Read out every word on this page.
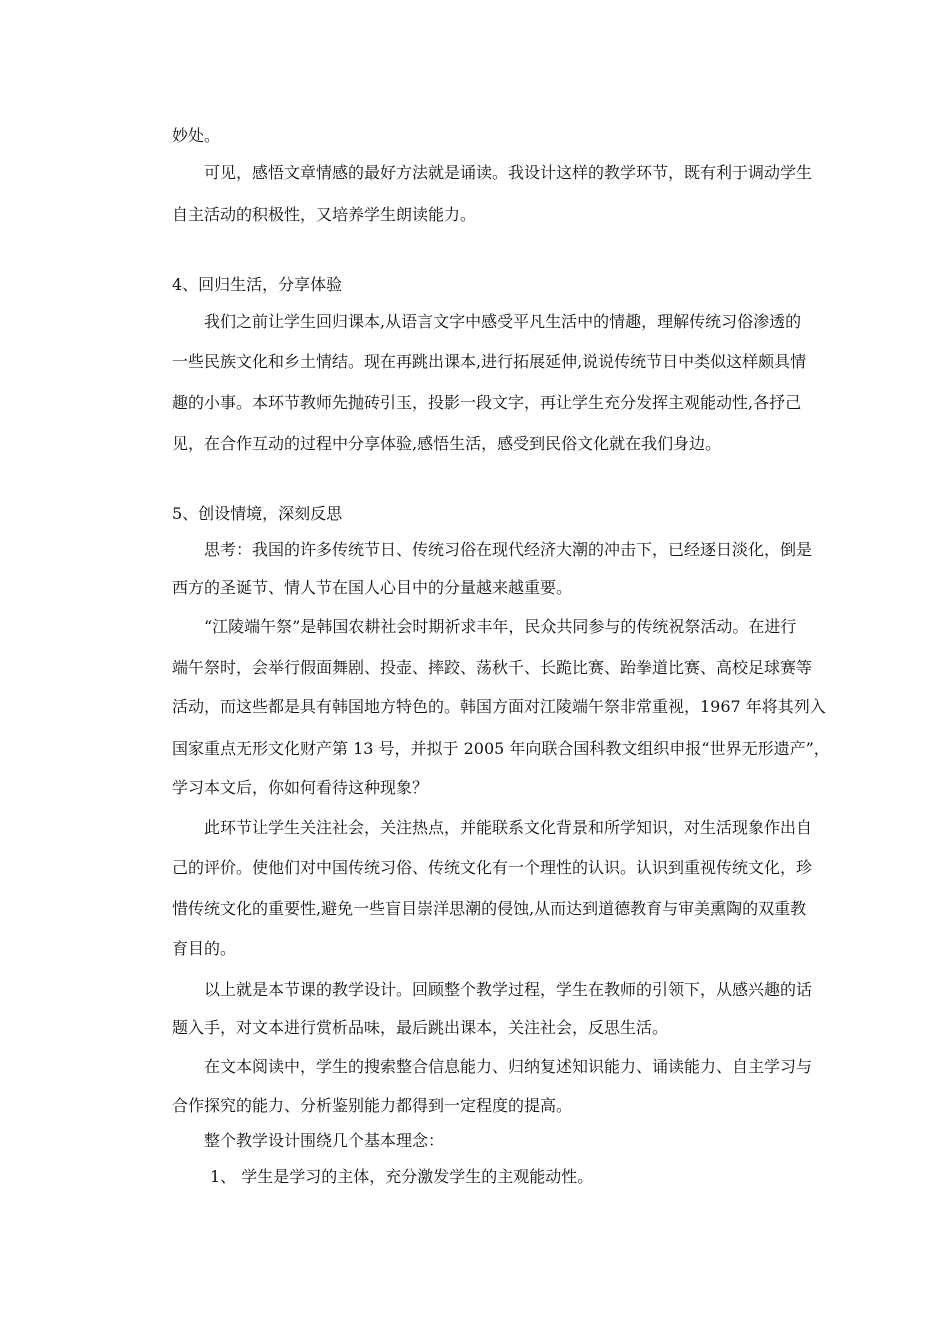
妙处。
可见，感悟文章情感的最好方法就是诵读。我设计这样的教学环节，既有利于调动学生
自主活动的积极性，又培养学生朗读能力。
4、回归生活，分享体验
我们之前让学生回归课本,从语言文字中感受平凡生活中的情趣，理解传统习俗渗透的
一些民族文化和乡土情结。现在再跳出课本,进行拓展延伸,说说传统节日中类似这样颇具情
趣的小事。本环节教师先抛砖引玉，投影一段文字，再让学生充分发挥主观能动性,各抒己
见，在合作互动的过程中分享体验,感悟生活，感受到民俗文化就在我们身边。
5、创设情境，深刻反思
思考：我国的许多传统节日、传统习俗在现代经济大潮的冲击下，已经逐日淡化，倒是
西方的圣诞节、情人节在国人心目中的分量越来越重要。
“江陵端午祭”是韩国农耕社会时期祈求丰年，民众共同参与的传统祝祭活动。在进行
端午祭时，会举行假面舞剧、投壶、摔跤、荡秋千、长跪比赛、跆拳道比赛、高校足球赛等
活动，而这些都是具有韩国地方特色的。韩国方面对江陵端午祭非常重视，1967 年将其列入
国家重点无形文化财产第 13 号，并拟于 2005 年向联合国科教文组织申报“世界无形遗产”，
学习本文后，你如何看待这种现象？
此环节让学生关注社会，关注热点，并能联系文化背景和所学知识，对生活现象作出自
己的评价。使他们对中国传统习俗、传统文化有一个理性的认识。认识到重视传统文化，珍
惜传统文化的重要性,避免一些盲目崇洋思潮的侵蚀,从而达到道德教育与审美熏陶的双重教
育目的。
以上就是本节课的教学设计。回顾整个教学过程，学生在教师的引领下，从感兴趣的话
题入手，对文本进行赏析品味，最后跳出课本，关注社会，反思生活。
在文本阅读中，学生的搜索整合信息能力、归纳复述知识能力、诵读能力、自主学习与
合作探究的能力、分析鉴别能力都得到一定程度的提高。
整个教学设计围绕几个基本理念：
1、 学生是学习的主体，充分激发学生的主观能动性。
